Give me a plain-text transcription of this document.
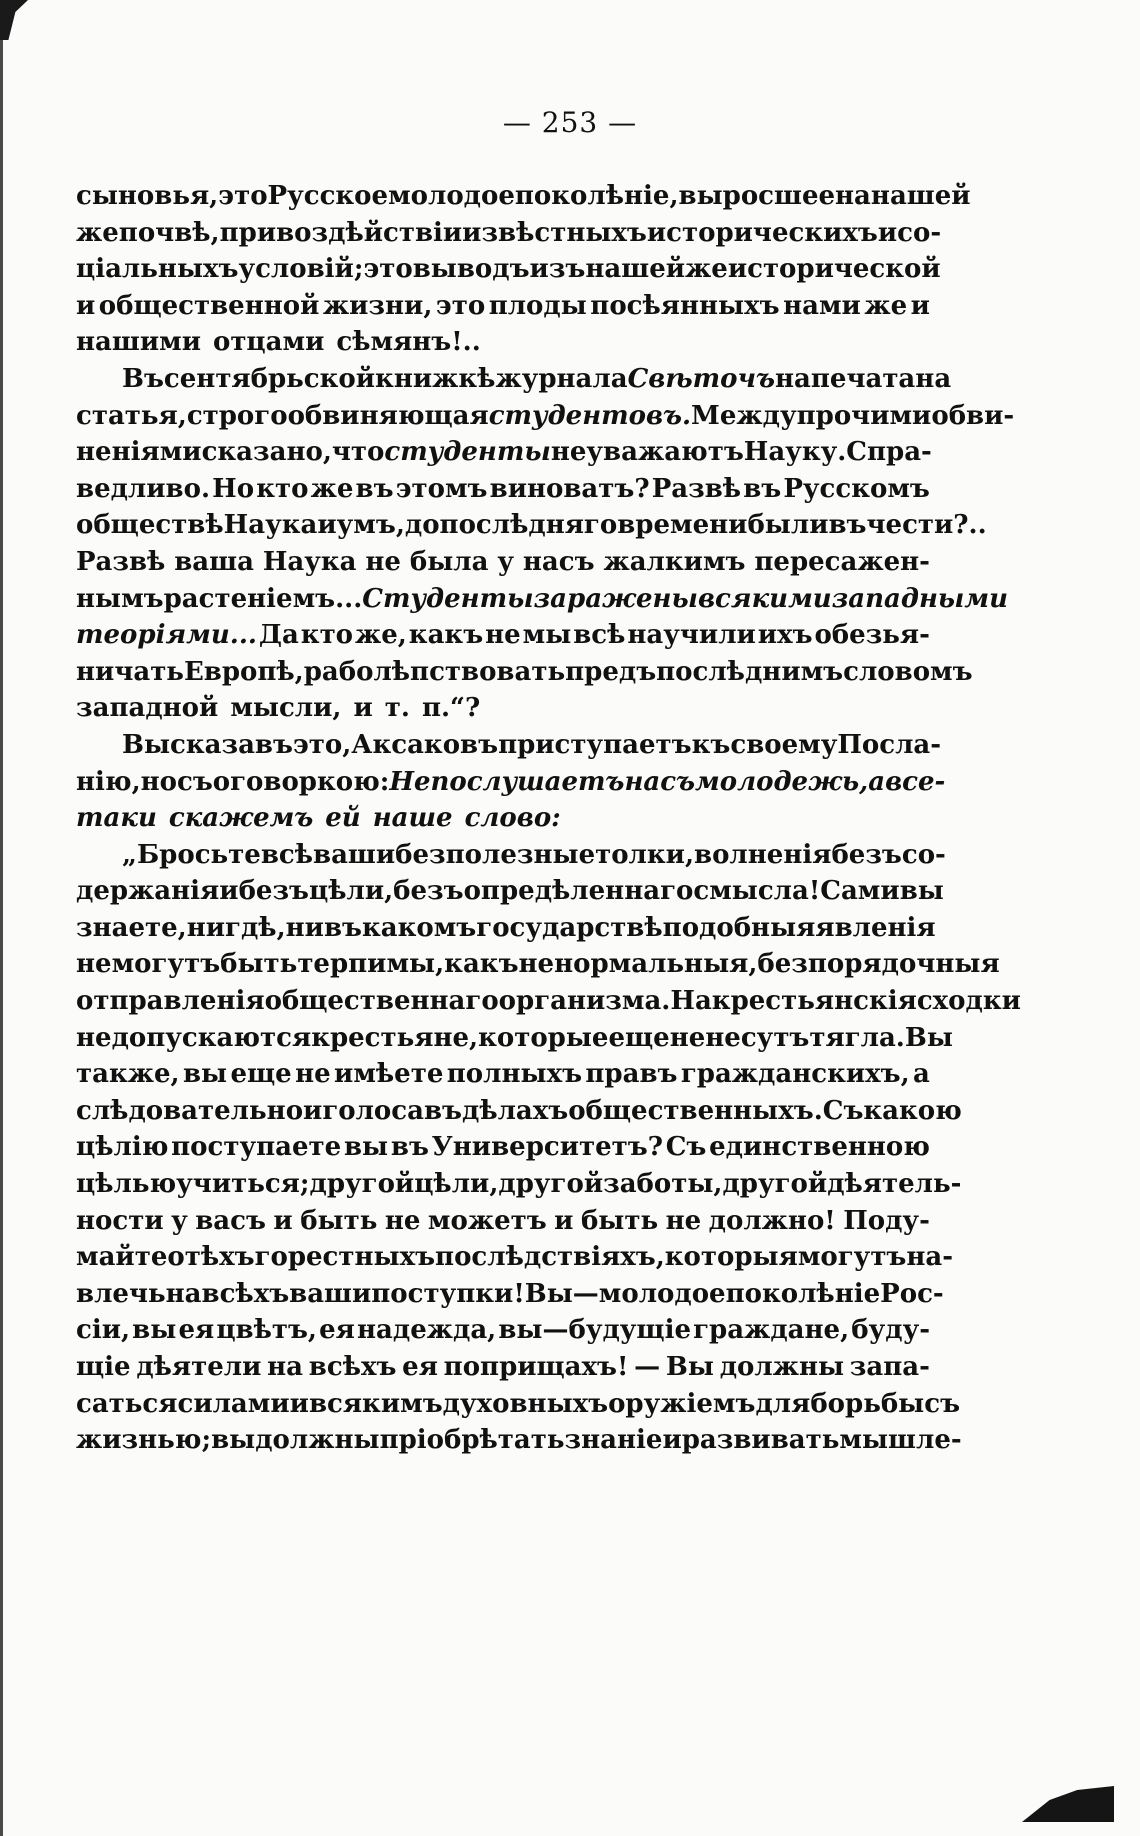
— 253 —
сыновья, это Русское молодое поколѣніе, выросшее на нашей
же почвѣ, при воздѣйствіи извѣстныхъ историческихъ и со-
ціальныхъ условій; это выводъ изъ нашей же исторической
и общественной жизни, это плоды посѣянныхъ нами же и
нашими отцами сѣмянъ!..
Въ сентябрьской книжкѣ журнала Свѣточъ напечатана
статья, строго обвиняющая студентовъ. Между прочими обви-
неніями сказано, что студенты не уважаютъ Науку. Спра-
ведливо. Но кто же въ этомъ виноватъ? Развѣ въ Русскомъ
обществѣ Наука и умъ, до послѣдняго времени были въ чести?..
Развѣ ваша Наука не была у насъ жалкимъ пересажен-
нымъ растеніемъ... Студенты заражены всякими западными
теоріями... Да кто же, какъ не мы всѣ научили ихъ обезья-
ничать Европѣ, раболѣпствовать предъ послѣднимъ словомъ
западной мысли, и т. п.“?
Высказавъ это, Аксаковъ приступаетъ къ своему Посла-
нію, но съ оговоркою: Не послушаетъ насъ молодежь, а все-
таки скажемъ ей наше слово:
„Бросьте всѣ ваши безполезные толки, волненія безъ со-
держанія и безъ цѣли, безъ опредѣленнаго смысла! Сами вы
знаете, нигдѣ, ни въ какомъ государствѣ подобныя явленія
не могутъ быть терпимы, какъ ненормальныя, безпорядочныя
отправленія общественнаго организма. На крестьянскія сходки
не допускаются крестьяне, которые еще не несутъ тягла. Вы
также, вы еще не имѣете полныхъ правъ гражданскихъ, а
слѣдовательно и голоса въ дѣлахъ общественныхъ. Съ какою
цѣлію поступаете вы въ Университетъ? Съ единственною
цѣлью учиться; другой цѣли, другой заботы, другой дѣятель-
ности у васъ и быть не можетъ и быть не должно! Поду-
майте о тѣхъ горестныхъ послѣдствіяхъ, которыя могутъ на-
влечь на всѣхъ ваши поступки! Вы—молодое поколѣніе Рос-
сіи, вы ея цвѣтъ, ея надежда, вы—будущіе граждане, буду-
щіе дѣятели на всѣхъ ея поприщахъ! — Вы должны запа-
саться силами и всякимъ духовныхъ оружіемъ для борьбы съ
жизнью; вы должны пріобрѣтать знаніе и развивать мышле-
